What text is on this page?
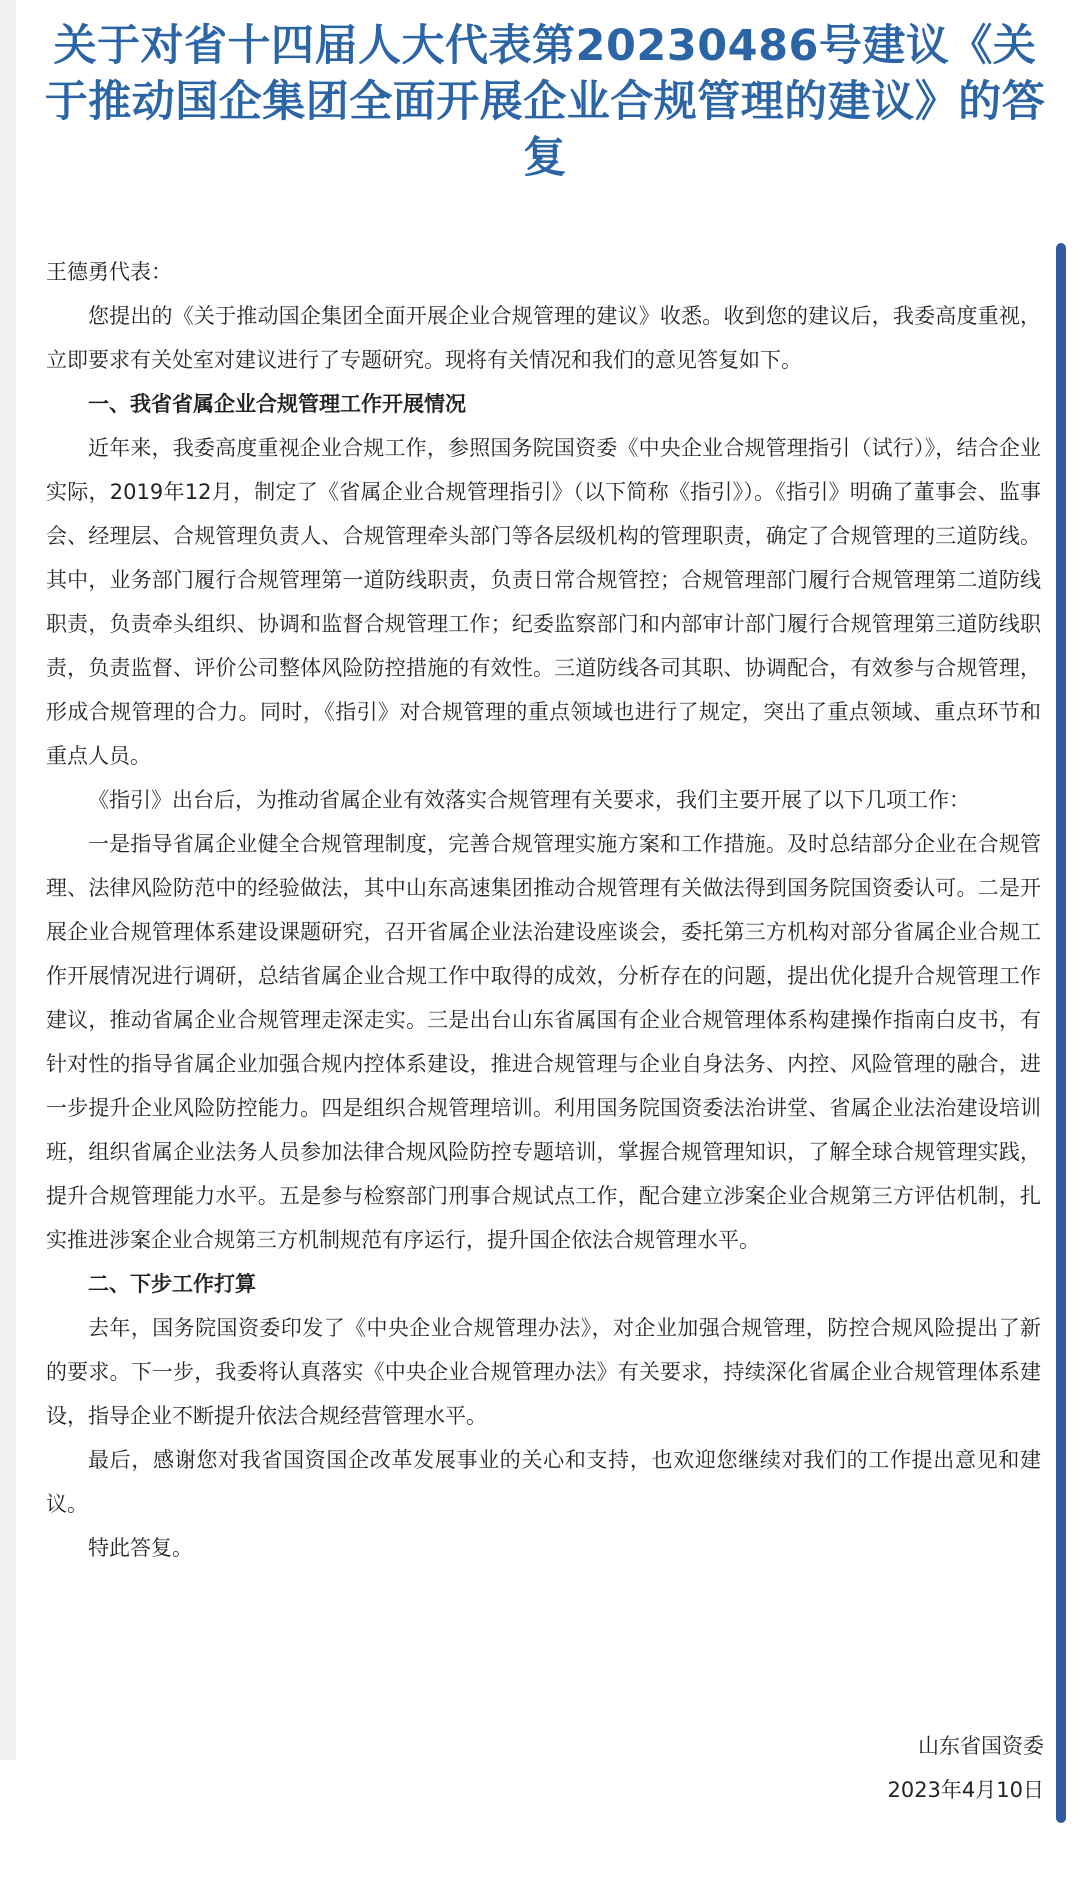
关于对省十四届人大代表第20230486号建议《关于推动国企集团全面开展企业合规管理的建议》的答复

王德勇代表：

您提出的《关于推动国企集团全面开展企业合规管理的建议》收悉。收到您的建议后，我委高度重视，立即要求有关处室对建议进行了专题研究。现将有关情况和我们的意见答复如下。

一、我省省属企业合规管理工作开展情况

近年来，我委高度重视企业合规工作，参照国务院国资委《中央企业合规管理指引（试行）》，结合企业实际，2019年12月，制定了《省属企业合规管理指引》（以下简称《指引》）。《指引》明确了董事会、监事会、经理层、合规管理负责人、合规管理牵头部门等各层级机构的管理职责，确定了合规管理的三道防线。其中，业务部门履行合规管理第一道防线职责，负责日常合规管控；合规管理部门履行合规管理第二道防线职责，负责牵头组织、协调和监督合规管理工作；纪委监察部门和内部审计部门履行合规管理第三道防线职责，负责监督、评价公司整体风险防控措施的有效性。三道防线各司其职、协调配合，有效参与合规管理，形成合规管理的合力。同时，《指引》对合规管理的重点领域也进行了规定，突出了重点领域、重点环节和重点人员。

《指引》出台后，为推动省属企业有效落实合规管理有关要求，我们主要开展了以下几项工作：

一是指导省属企业健全合规管理制度，完善合规管理实施方案和工作措施。及时总结部分企业在合规管理、法律风险防范中的经验做法，其中山东高速集团推动合规管理有关做法得到国务院国资委认可。二是开展企业合规管理体系建设课题研究，召开省属企业法治建设座谈会，委托第三方机构对部分省属企业合规工作开展情况进行调研，总结省属企业合规工作中取得的成效，分析存在的问题，提出优化提升合规管理工作建议，推动省属企业合规管理走深走实。三是出台山东省属国有企业合规管理体系构建操作指南白皮书，有针对性的指导省属企业加强合规内控体系建设，推进合规管理与企业自身法务、内控、风险管理的融合，进一步提升企业风险防控能力。四是组织合规管理培训。利用国务院国资委法治讲堂、省属企业法治建设培训班，组织省属企业法务人员参加法律合规风险防控专题培训，掌握合规管理知识，了解全球合规管理实践，提升合规管理能力水平。五是参与检察部门刑事合规试点工作，配合建立涉案企业合规第三方评估机制，扎实推进涉案企业合规第三方机制规范有序运行，提升国企依法合规管理水平。

二、下步工作打算

去年，国务院国资委印发了《中央企业合规管理办法》，对企业加强合规管理，防控合规风险提出了新的要求。下一步，我委将认真落实《中央企业合规管理办法》有关要求，持续深化省属企业合规管理体系建设，指导企业不断提升依法合规经营管理水平。

最后，感谢您对我省国资国企改革发展事业的关心和支持，也欢迎您继续对我们的工作提出意见和建议。

特此答复。

山东省国资委

2023年4月10日
